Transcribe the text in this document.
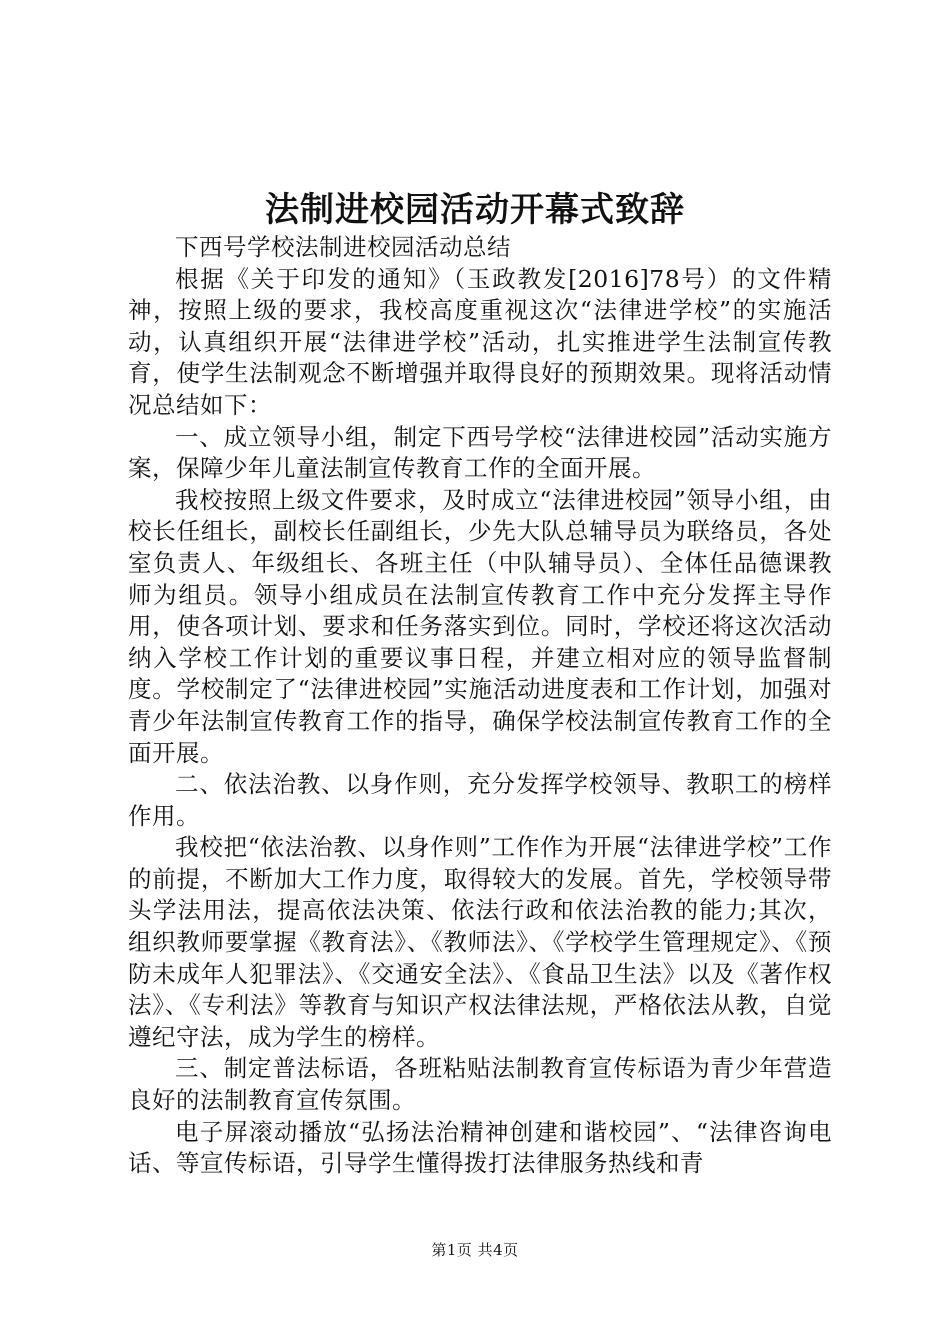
法制进校园活动开幕式致辞

下西号学校法制进校园活动总结

根据《关于印发的通知》（玉政教发[2016]78号）的文件精神，按照上级的要求，我校高度重视这次“法律进学校”的实施活动，认真组织开展“法律进学校”活动，扎实推进学生法制宣传教育，使学生法制观念不断增强并取得良好的预期效果。现将活动情况总结如下：

一、成立领导小组，制定下西号学校“法律进校园”活动实施方案，保障少年儿童法制宣传教育工作的全面开展。

我校按照上级文件要求，及时成立“法律进校园”领导小组，由校长任组长，副校长任副组长，少先大队总辅导员为联络员，各处室负责人、年级组长、各班主任（中队辅导员）、全体任品德课教师为组员。领导小组成员在法制宣传教育工作中充分发挥主导作用，使各项计划、要求和任务落实到位。同时，学校还将这次活动纳入学校工作计划的重要议事日程，并建立相对应的领导监督制度。学校制定了“法律进校园”实施活动进度表和工作计划，加强对青少年法制宣传教育工作的指导，确保学校法制宣传教育工作的全面开展。

二、依法治教、以身作则，充分发挥学校领导、教职工的榜样作用。

我校把“依法治教、以身作则”工作作为开展“法律进学校”工作的前提，不断加大工作力度，取得较大的发展。首先，学校领导带头学法用法，提高依法决策、依法行政和依法治教的能力;其次，组织教师要掌握《教育法》、《教师法》、《学校学生管理规定》、《预防未成年人犯罪法》、《交通安全法》、《食品卫生法》以及《著作权法》、《专利法》等教育与知识产权法律法规，严格依法从教，自觉遵纪守法，成为学生的榜样。

三、制定普法标语，各班粘贴法制教育宣传标语为青少年营造良好的法制教育宣传氛围。

电子屏滚动播放“弘扬法治精神创建和谐校园”、“法律咨询电话、等宣传标语，引导学生懂得拨打法律服务热线和青

第1页 共4页
